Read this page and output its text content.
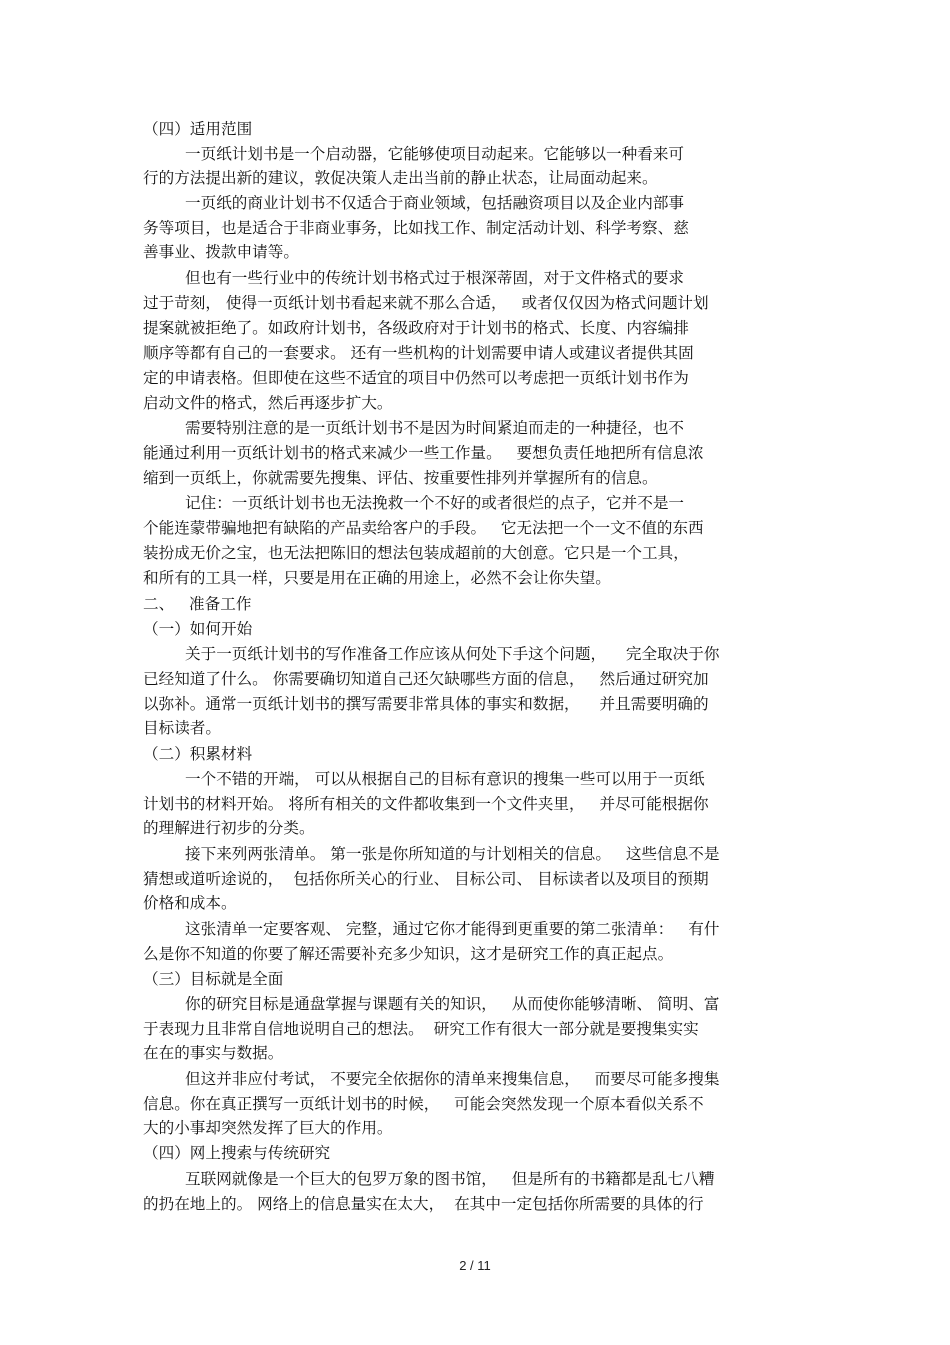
（四）适用范围
一页纸计划书是一个启动器，它能够使项目动起来。它能够以一种看来可
行的方法提出新的建议，敦促决策人走出当前的静止状态，让局面动起来。
一页纸的商业计划书不仅适合于商业领域，包括融资项目以及企业内部事
务等项目，也是适合于非商业事务，比如找工作、制定活动计划、科学考察、慈
善事业、拨款申请等。
但也有一些行业中的传统计划书格式过于根深蒂固，对于文件格式的要求
过于苛刻， 使得一页纸计划书看起来就不那么合适，   或者仅仅因为格式问题计划
提案就被拒绝了。如政府计划书，各级政府对于计划书的格式、长度、内容编排
顺序等都有自己的一套要求。 还有一些机构的计划需要申请人或建议者提供其固
定的申请表格。但即使在这些不适宜的项目中仍然可以考虑把一页纸计划书作为
启动文件的格式，然后再逐步扩大。
需要特别注意的是一页纸计划书不是因为时间紧迫而走的一种捷径，也不
能通过利用一页纸计划书的格式来减少一些工作量。   要想负责任地把所有信息浓
缩到一页纸上，你就需要先搜集、评估、按重要性排列并掌握所有的信息。
记住：一页纸计划书也无法挽救一个不好的或者很烂的点子，它并不是一
个能连蒙带骗地把有缺陷的产品卖给客户的手段。   它无法把一个一文不值的东西
装扮成无价之宝，也无法把陈旧的想法包装成超前的大创意。它只是一个工具，
和所有的工具一样，只要是用在正确的用途上，必然不会让你失望。
二、   准备工作
（一）如何开始
关于一页纸计划书的写作准备工作应该从何处下手这个问题，    完全取决于你
已经知道了什么。 你需要确切知道自己还欠缺哪些方面的信息，   然后通过研究加
以弥补。通常一页纸计划书的撰写需要非常具体的事实和数据，    并且需要明确的
目标读者。
（二）积累材料
一个不错的开端， 可以从根据自己的目标有意识的搜集一些可以用于一页纸
计划书的材料开始。 将所有相关的文件都收集到一个文件夹里，   并尽可能根据你
的理解进行初步的分类。
接下来列两张清单。 第一张是你所知道的与计划相关的信息。   这些信息不是
猜想或道听途说的，  包括你所关心的行业、 目标公司、 目标读者以及项目的预期
价格和成本。
这张清单一定要客观、 完整，通过它你才能得到更重要的第二张清单：   有什
么是你不知道的你要了解还需要补充多少知识，这才是研究工作的真正起点。
（三）目标就是全面
你的研究目标是通盘掌握与课题有关的知识，   从而使你能够清晰、 简明、富
于表现力且非常自信地说明自己的想法。  研究工作有很大一部分就是要搜集实实
在在的事实与数据。
但这并非应付考试， 不要完全依据你的清单来搜集信息，   而要尽可能多搜集
信息。你在真正撰写一页纸计划书的时候，   可能会突然发现一个原本看似关系不
大的小事却突然发挥了巨大的作用。
（四）网上搜索与传统研究
互联网就像是一个巨大的包罗万象的图书馆，   但是所有的书籍都是乱七八糟
的扔在地上的。 网络上的信息量实在太大，  在其中一定包括你所需要的具体的行
2 / 11
